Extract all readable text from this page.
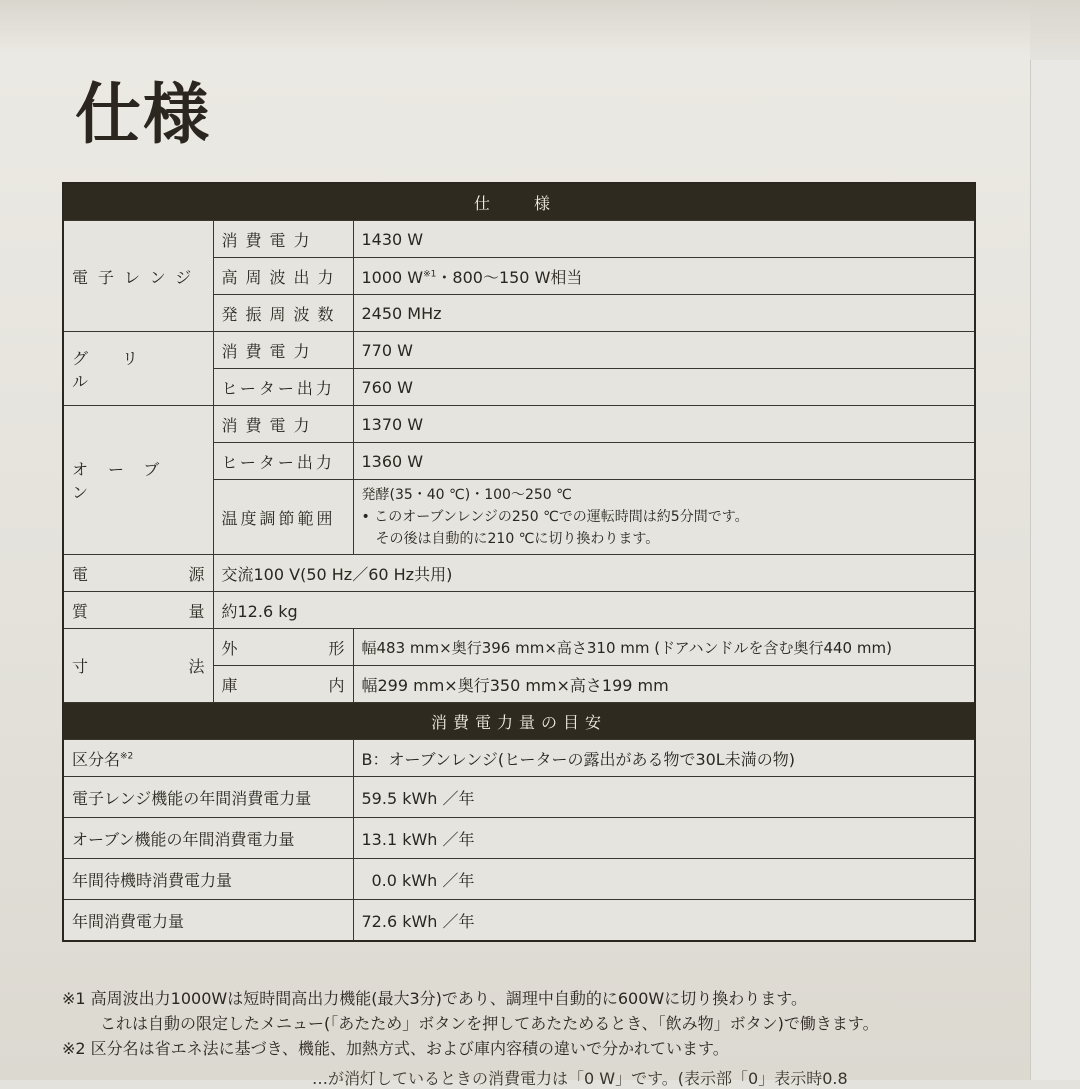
仕様
仕　様		
電子レンジ	消費電力	1430 W
	高周波出力	1000 $W^{※1}$・800〜150 W相当
	発振周波数	2450 MHz
グリル	消費電力	770 W
	ヒーター出力	760 W
オーブン	消費電力	1370 W
	ヒーター出力	1360 W
	温度調節範囲	発酵(35・40 ℃)・100〜250 ℃
• このオーブンレンジの250 ℃での運転時間は約5分間です。
その後は自動的に210 ℃に切り換わります。

電 源	交流100 V(50 Hz／60 Hz共用)	

質 量	約12.6 kg	

寸 法	外 形	幅483 mm×奥行396 mm×高さ310 mm (ドアハンドルを含む奥行440 mm)

	庫 内	幅299 mm×奥行350 mm×高さ199 mm
消費電力量の目安		
区分名$^{※2}$		B：オーブンレンジ(ヒーターの露出がある物で30L未満の物)
電子レンジ機能の年間消費電力量		59.5 kWh ／年
オーブン機能の年間消費電力量		13.1 kWh ／年
年間待機時消費電力量		0.0 kWh ／年
年間消費電力量		72.6 kWh ／年
※1 高周波出力1000Wは短時間高出力機能(最大3分)であり、調理中自動的に600Wに切り換わります。
これは自動の限定したメニュー(「あたため」ボタンを押してあたためるとき、「飲み物」ボタン)で働きます。
※2 区分名は省エネ法に基づき、機能、加熱方式、および庫内容積の違いで分かれています。
…が消灯しているときの消費電力は「0 W」です。(表示部「0」表示時0.8
